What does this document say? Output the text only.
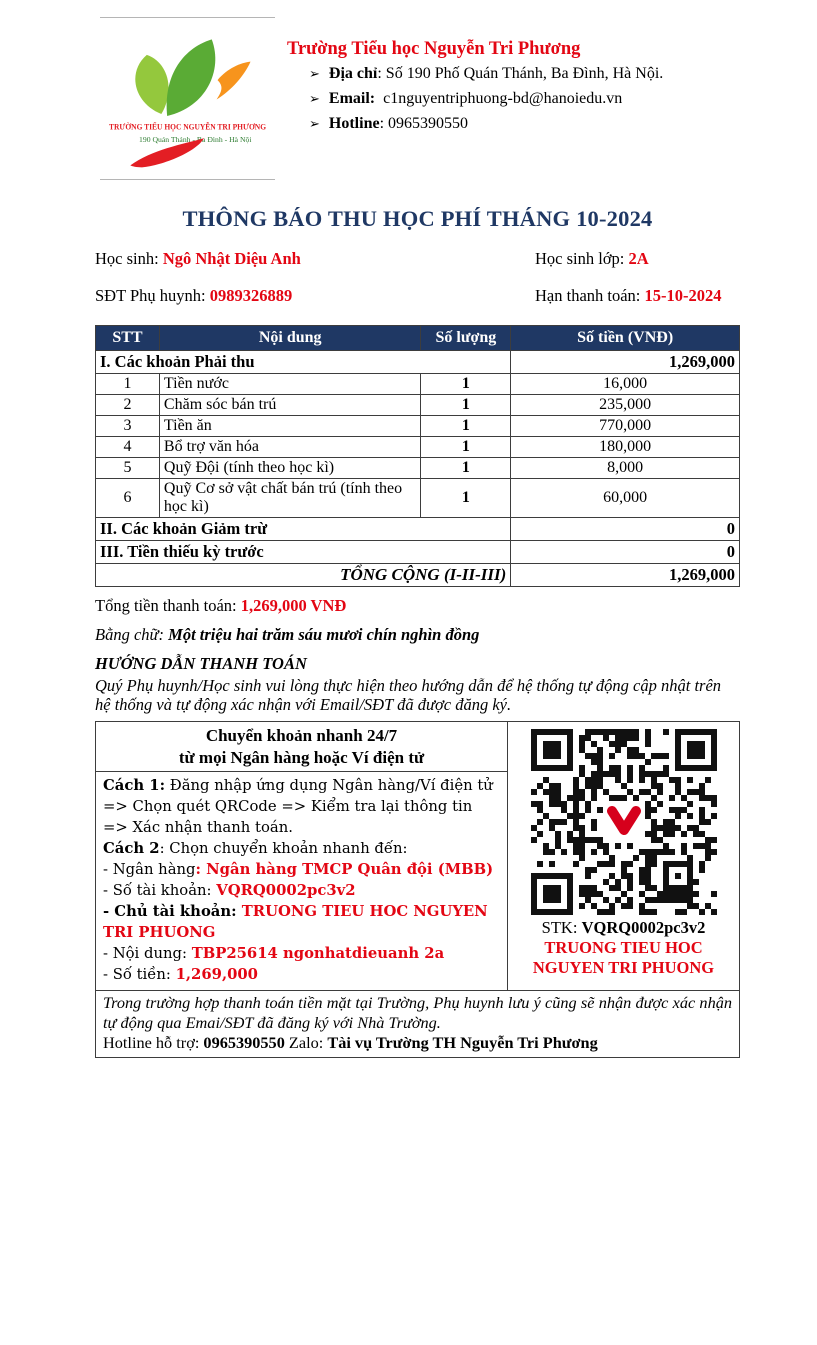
TRƯỜNG TIỂU HỌC NGUYỄN TRI PHƯƠNG
190 Quán Thánh - Ba Đình - Hà Nội
Trường Tiểu học Nguyễn Tri Phương
➢ Địa chỉ: Số 190 Phố Quán Thánh, Ba Đình, Hà Nội.
➢ Email: c1nguyentriphuong-bd@hanoiedu.vn
➢ Hotline: 0965390550
THÔNG BÁO THU HỌC PHÍ THÁNG 10-2024
Học sinh: Ngô Nhật Diệu Anh
SĐT Phụ huynh: 0989326889
Học sinh lớp: 2A
Hạn thanh toán: 15-10-2024
STT	Nội dung	Số lượng	Số tiền (VNĐ)
I. Các khoản Phải thu			1,269,000
1	Tiền nước	1	16,000
2	Chăm sóc bán trú	1	235,000
3	Tiền ăn	1	770,000
4	Bổ trợ văn hóa	1	180,000
5	Quỹ Đội (tính theo học kì)	1	8,000
6	Quỹ Cơ sở vật chất bán trú (tính theo học kì)	1	60,000
II. Các khoản Giảm trừ			0
III. Tiền thiếu kỳ trước			0
TỔNG CỘNG (I-II-III)			1,269,000
Tổng tiền thanh toán: 1,269,000 VNĐ
Bằng chữ: Một triệu hai trăm sáu mươi chín nghìn đồng
HƯỚNG DẪN THANH TOÁN
Quý Phụ huynh/Học sinh vui lòng thực hiện theo hướng dẫn để hệ thống tự động cập nhật trên hệ thống và tự động xác nhận với Email/SĐT đã được đăng ký.
Chuyển khoản nhanh 24/7
từ mọi Ngân hàng hoặc Ví điện tử

STK: VQRQ0002pc3v2
TRUONG TIEU HOC
NGUYEN TRI PHUONG

Cách 1: Đăng nhập ứng dụng Ngân hàng/Ví điện tử => Chọn quét QRCode => Kiểm tra lại thông tin => Xác nhận thanh toán.
Cách 2: Chọn chuyển khoản nhanh đến:
- Ngân hàng: Ngân hàng TMCP Quân đội (MBB)
- Số tài khoản: VQRQ0002pc3v2
- Chủ tài khoản: TRUONG TIEU HOC NGUYEN TRI PHUONG
- Nội dung: TBP25614 ngonhatdieuanh 2a
- Số tiền: 1,269,000

Trong trường hợp thanh toán tiền mặt tại Trường, Phụ huynh lưu ý cũng sẽ nhận được xác nhận tự động qua Emai/SĐT đã đăng ký với Nhà Trường.
Hotline hỗ trợ: 0965390550 Zalo: Tài vụ Trường TH Nguyễn Tri Phương
